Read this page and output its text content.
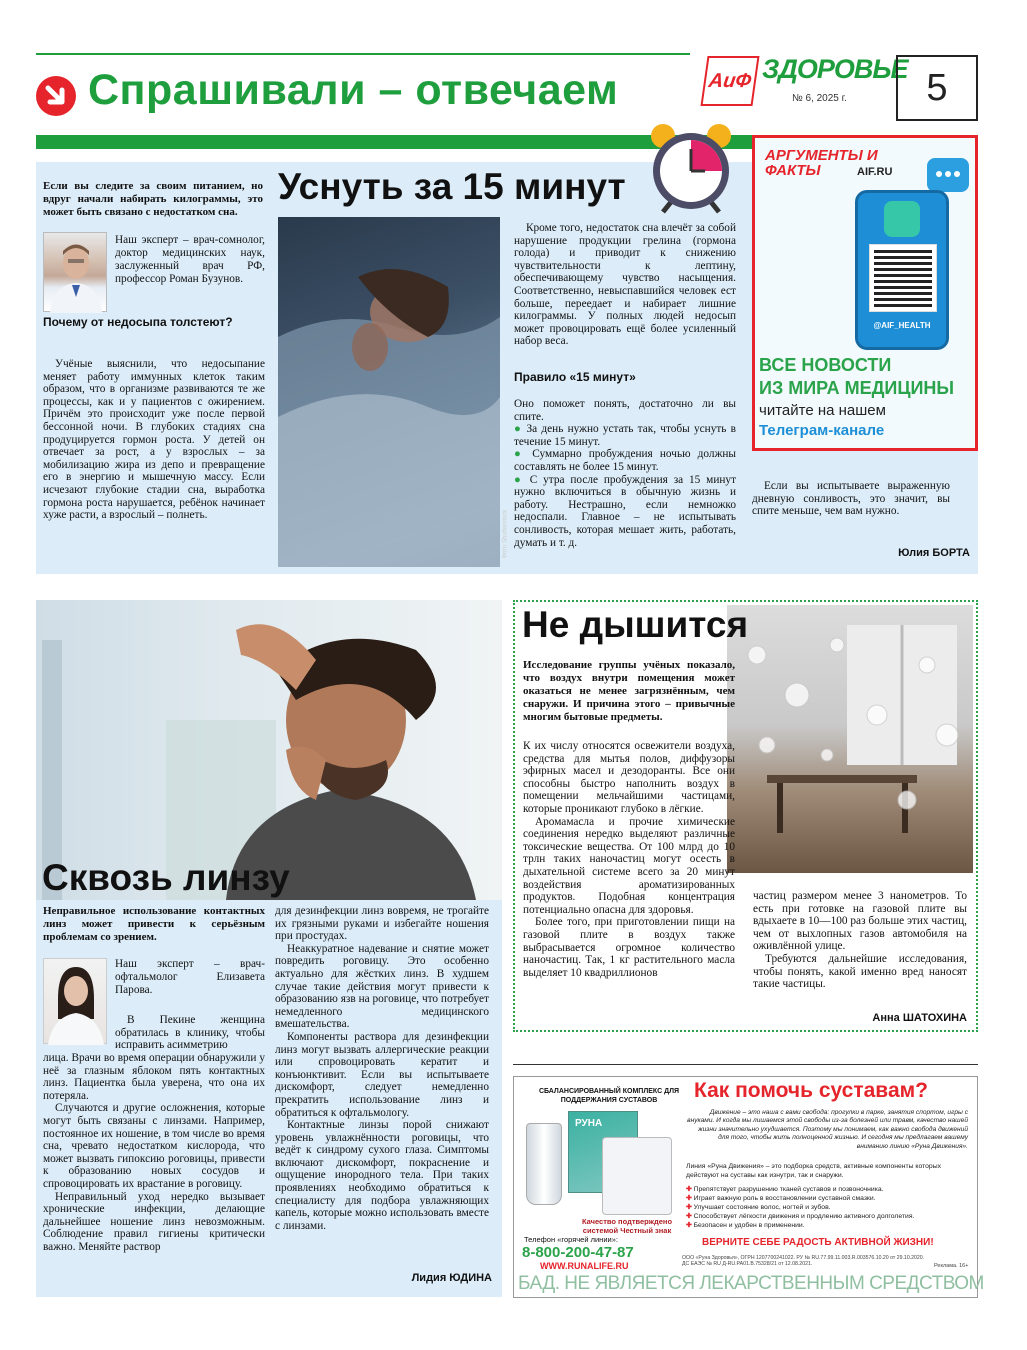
Спрашивали – отвечаем	АиФ ЗДОРОВЬЕ
№ 6, 2025 г. 5
Уснуть за 15 минут

Если вы следите за своим питанием, но вдруг начали набирать килограммы, это может быть связано с недостатком сна.

Наш эксперт – врач-сомнолог, доктор медицинских наук, заслуженный врач РФ, профессор Роман Бузунов.

Почему от недосыпа толстеют?

Учёные выяснили, что недосыпание меняет работу иммунных клеток таким образом, что в организме развиваются те же процессы, как и у пациентов с ожирением. Причём это происходит уже после первой бессонной ночи. В глубоких стадиях сна продуцируется гормон роста. У детей он отвечает за рост, а у взрослых – за мобилизацию жира из депо и превращение его в энергию и мышечную массу. Если исчезают глубокие стадии сна, выработка гормона роста нарушается, ребёнок начинает хуже расти, а взрослый – полнеть.	Фото Shutterstock

Кроме того, недостаток сна влечёт за собой нарушение продукции грелина (гормона голода) и приводит к снижению чувствительности к лептину, обеспечивающему чувство насыщения. Соответственно, невыспавшийся человек ест больше, переедает и набирает лишние килограммы. У полных людей недосып может провоцировать ещё более усиленный набор веса.

Правило «15 минут»

Оно поможет понять, достаточно ли вы спите.

● За день нужно устать так, чтобы уснуть в течение 15 минут.

● Суммарно пробуждения ночью должны составлять не более 15 минут.

● С утра после пробуждения за 15 минут нужно включиться в обычную жизнь и работу. Нестрашно, если немножко недоспали. Главное – не испытывать сонливость, которая мешает жить, работать, думать и т. д.

АРГУМЕНТЫ И ФАКТЫ	AIF.RU
@AIF_HEALTH
ВСЕ НОВОСТИ
ИЗ МИРА МЕДИЦИНЫ
читайте на нашем
Телеграм-канале

Если вы испытываете выраженную дневную сонливость, это значит, вы спите меньше, чем вам нужно.

Юлия БОРТА
Сквозь линзу

Неправильное использование контактных линз может привести к серьёзным проблемам со зрением.

Наш эксперт – врач-офтальмолог Елизавета Парова.

В Пекине женщина обратилась в клинику, чтобы исправить асимметрию

лица. Врачи во время операции обнаружили у неё за глазным яблоком пять контактных линз. Пациентка была уверена, что она их потеряла.

Случаются и другие осложнения, которые могут быть связаны с линзами. Например, постоянное их ношение, в том числе во время сна, чревато недостатком кислорода, что может вызвать гипоксию роговицы, привести к образованию новых сосудов и спровоцировать их врастание в роговицу.

Неправильный уход нередко вызывает хронические инфекции, делающие дальнейшее ношение линз невозможным. Соблюдение правил гигиены критически важно. Меняйте раствор

для дезинфекции линз вовремя, не трогайте их грязными руками и избегайте ношения при простудах.

Неаккуратное надевание и снятие может повредить роговицу. Это особенно актуально для жёстких линз. В худшем случае такие действия могут привести к образованию язв на роговице, что потребует немедленного медицинского вмешательства.

Компоненты раствора для дезинфекции линз могут вызвать аллергические реакции или спровоцировать кератит и конъюнктивит. Если вы испытываете дискомфорт, следует немедленно прекратить использование линз и обратиться к офтальмологу.

Контактные линзы порой снижают уровень увлажнённости роговицы, что ведёт к синдрому сухого глаза. Симптомы включают дискомфорт, покраснение и ощущение инородного тела. При таких проявлениях необходимо обратиться к специалисту для подбора увлажняющих капель, которые можно использовать вместе с линзами.

Лидия ЮДИНА
Не дышится

Исследование группы учёных показало, что воздух внутри помещения может оказаться не менее загрязнённым, чем снаружи. И причина этого – привычные многим бытовые предметы.

К их числу относятся освежители воздуха, средства для мытья полов, диффузоры эфирных масел и дезодоранты. Все они способны быстро наполнить воздух в помещении мельчайшими частицами, которые проникают глубоко в лёгкие.

Аромамасла и прочие химические соединения нередко выделяют различные токсические вещества. От 100 млрд до 10 трлн таких наночастиц могут осесть в дыхательной системе всего за 20 минут воздействия ароматизированных продуктов. Подобная концентрация потенциально опасна для здоровья.

Более того, при приготовлении пищи на газовой плите в воздух также выбрасывается огромное количество наночастиц. Так, 1 кг растительного масла выделяет 10 квадриллионов

частиц размером менее 3 нанометров. То есть при готовке на газовой плите вы вдыхаете в 10—100 раз больше этих частиц, чем от выхлопных газов автомобиля на оживлённой улице.

Требуются дальнейшие исследования, чтобы понять, какой именно вред наносят такие частицы.

Анна ШАТОХИНА
СБАЛАНСИРОВАННЫЙ КОМПЛЕКС ДЛЯ ПОДДЕРЖАНИЯ СУСТАВОВ
РУНА
Качество подтверждено системой Честный знак
Телефон «горячей линии»:
8-800-200-47-87
WWW.RUNALIFE.RU
Как помочь суставам?
Движение – это наша с вами свобода: прогулки в парке, занятия спортом, игры с внуками. И когда мы лишаемся этой свободы из-за болезней или травм, качество нашей жизни значительно ухудшается. Поэтому мы понимаем, как важно свобода движений для того, чтобы жить полноценной жизнью. И сегодня мы предлагаем вашему вниманию линию «Руна Движения».
Линия «Руна Движения» – это подборка средств, активные компоненты которых действуют на суставы как изнутри, так и снаружи.
✚ Препятствует разрушению тканей суставов и позвоночника.
✚ Играет важную роль в восстановлении суставной смазки.
✚ Улучшает состояние волос, ногтей и зубов.
✚ Способствует лёгкости движения и продлению активного долголетия.
✚ Безопасен и удобен в применении.
ВЕРНИТЕ СЕБЕ РАДОСТЬ АКТИВНОЙ ЖИЗНИ!
ООО «Руна Здоровья», ОГРН 1207700241022. РУ № RU.77.99.11.003.R.003576.10.20 от 29.10.2020. ДС ЕАЭС № RU Д-RU.РА01.В.75328/21 от 12.08.2021.	Реклама. 16+
БАД. НЕ ЯВЛЯЕТСЯ ЛЕКАРСТВЕННЫМ СРЕДСТВОМ
